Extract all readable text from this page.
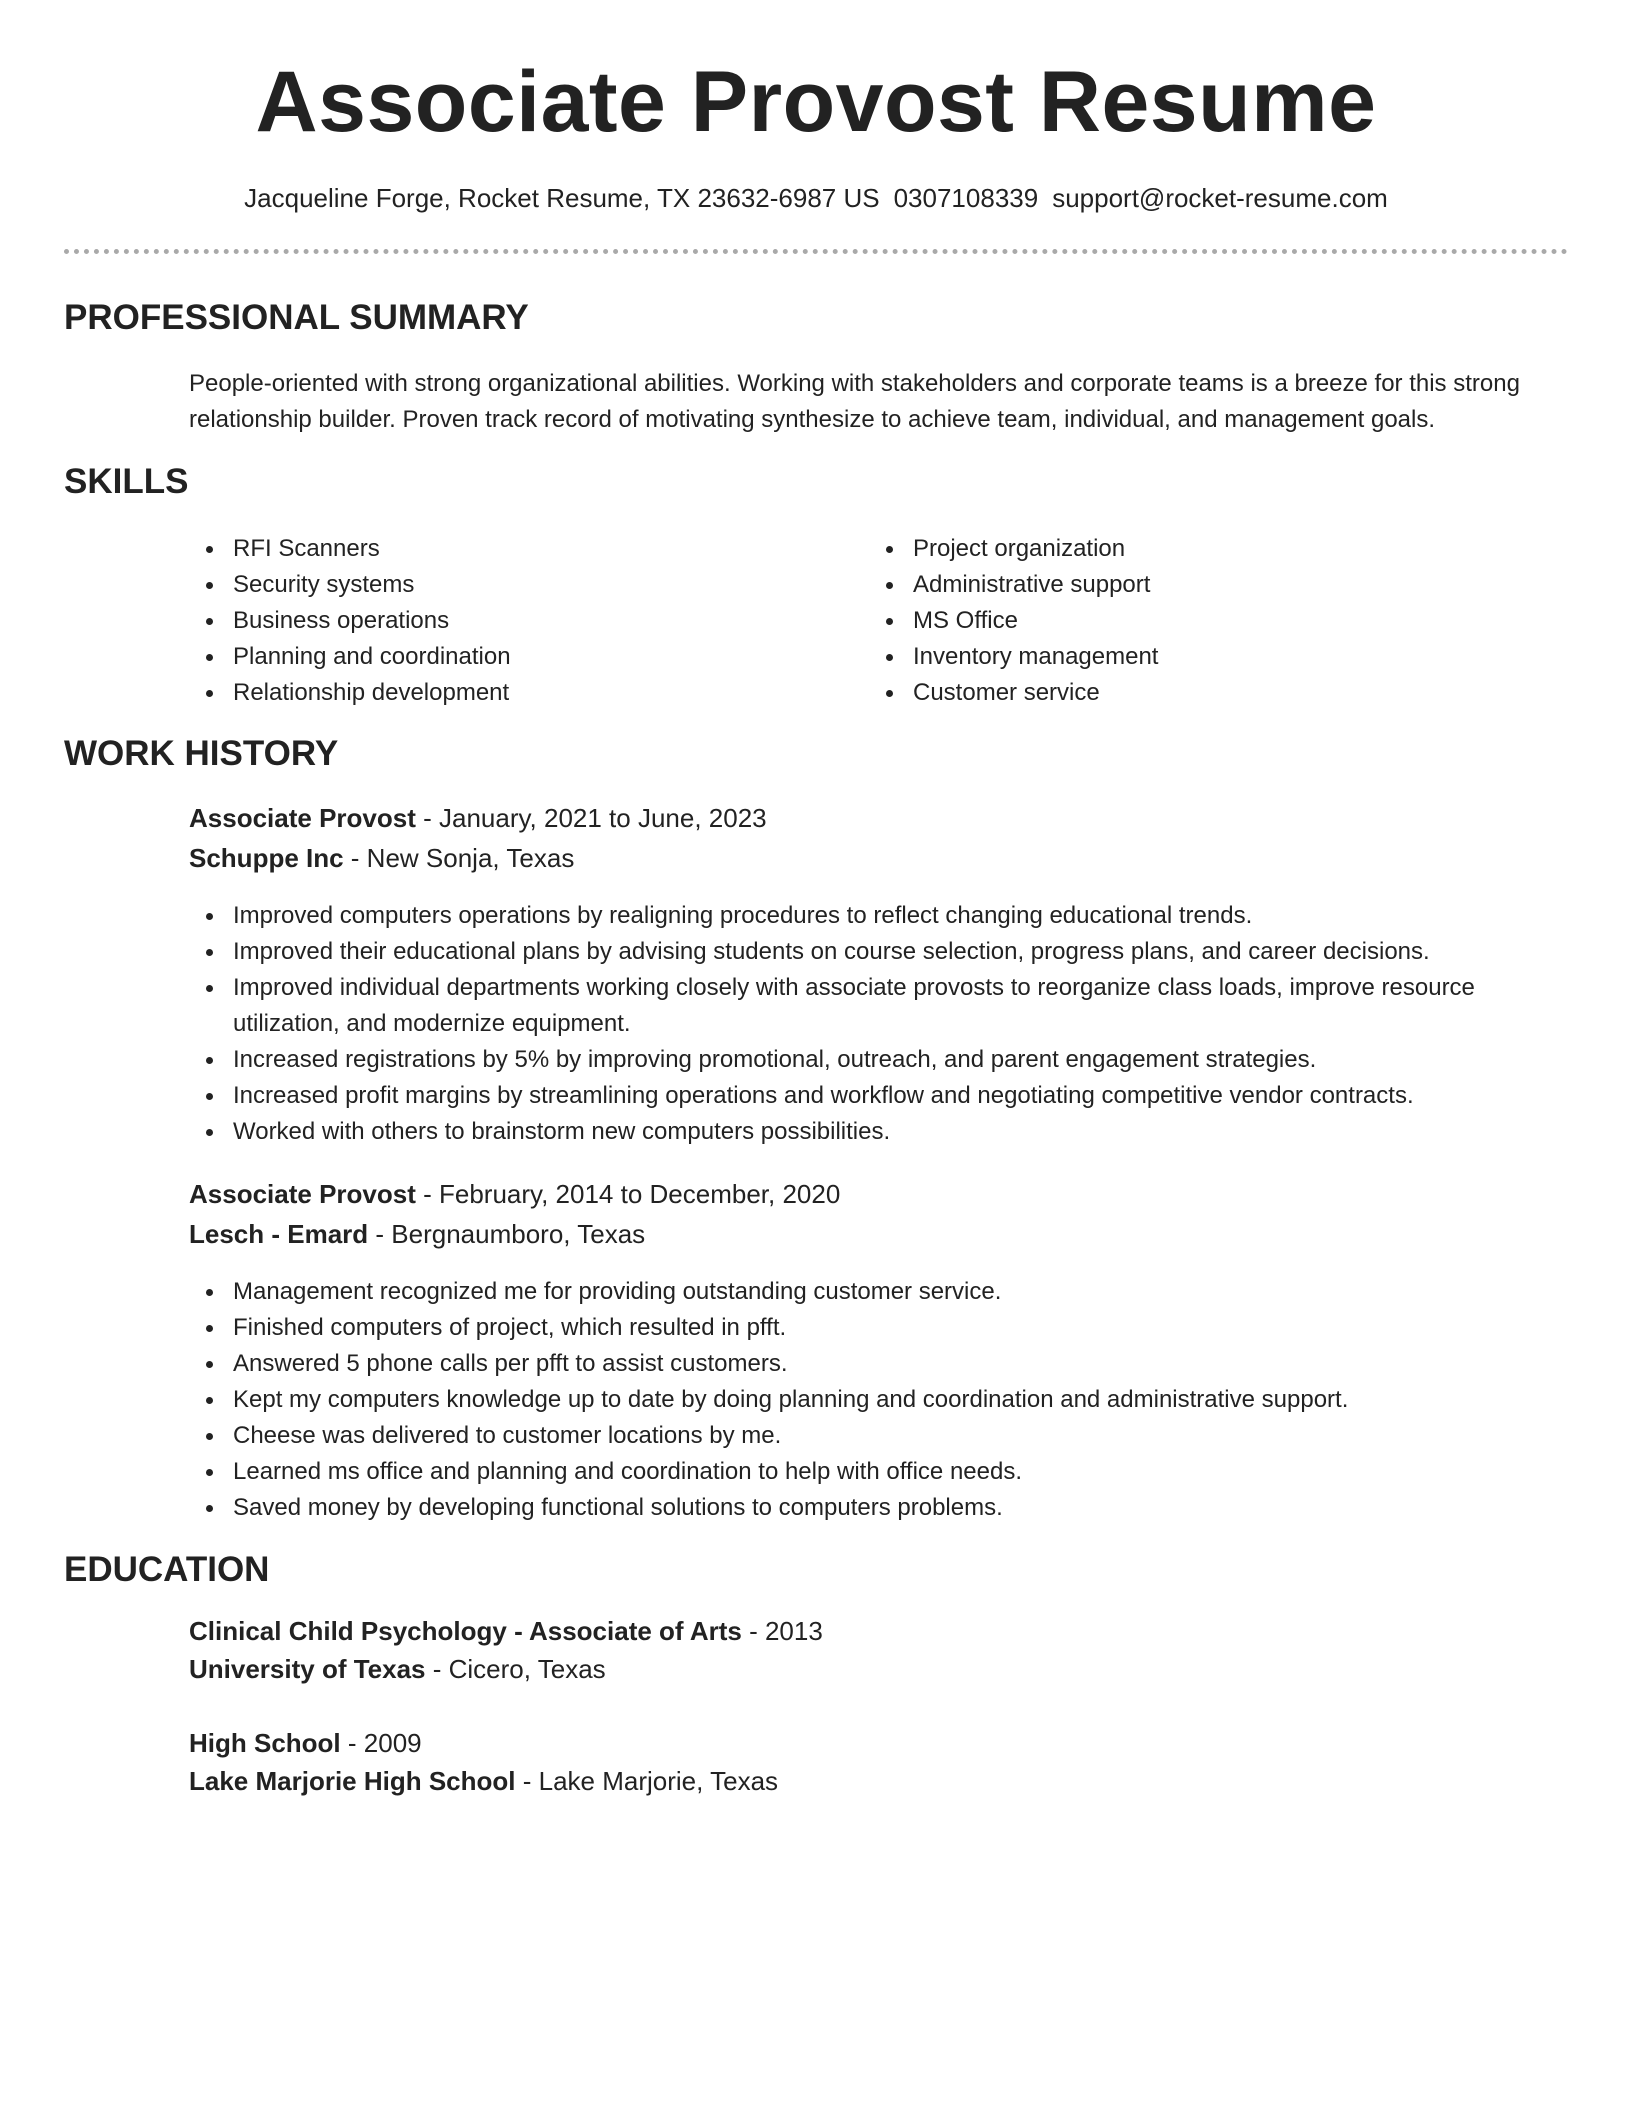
Associate Provost Resume
Jacqueline Forge, Rocket Resume, TX 23632-6987 US 0307108339 support@rocket-resume.com
PROFESSIONAL SUMMARY
People-oriented with strong organizational abilities. Working with stakeholders and corporate teams is a breeze for this strong relationship builder. Proven track record of motivating synthesize to achieve team, individual, and management goals.
SKILLS
RFI Scanners
Security systems
Business operations
Planning and coordination
Relationship development
Project organization
Administrative support
MS Office
Inventory management
Customer service
WORK HISTORY
Associate Provost - January, 2021 to June, 2023
Schuppe Inc - New Sonja, Texas
Improved computers operations by realigning procedures to reflect changing educational trends.
Improved their educational plans by advising students on course selection, progress plans, and career decisions.
Improved individual departments working closely with associate provosts to reorganize class loads, improve resource utilization, and modernize equipment.
Increased registrations by 5% by improving promotional, outreach, and parent engagement strategies.
Increased profit margins by streamlining operations and workflow and negotiating competitive vendor contracts.
Worked with others to brainstorm new computers possibilities.
Associate Provost - February, 2014 to December, 2020
Lesch - Emard - Bergnaumboro, Texas
Management recognized me for providing outstanding customer service.
Finished computers of project, which resulted in pfft.
Answered 5 phone calls per pfft to assist customers.
Kept my computers knowledge up to date by doing planning and coordination and administrative support.
Cheese was delivered to customer locations by me.
Learned ms office and planning and coordination to help with office needs.
Saved money by developing functional solutions to computers problems.
EDUCATION
Clinical Child Psychology - Associate of Arts - 2013
University of Texas - Cicero, Texas
High School - 2009
Lake Marjorie High School - Lake Marjorie, Texas
